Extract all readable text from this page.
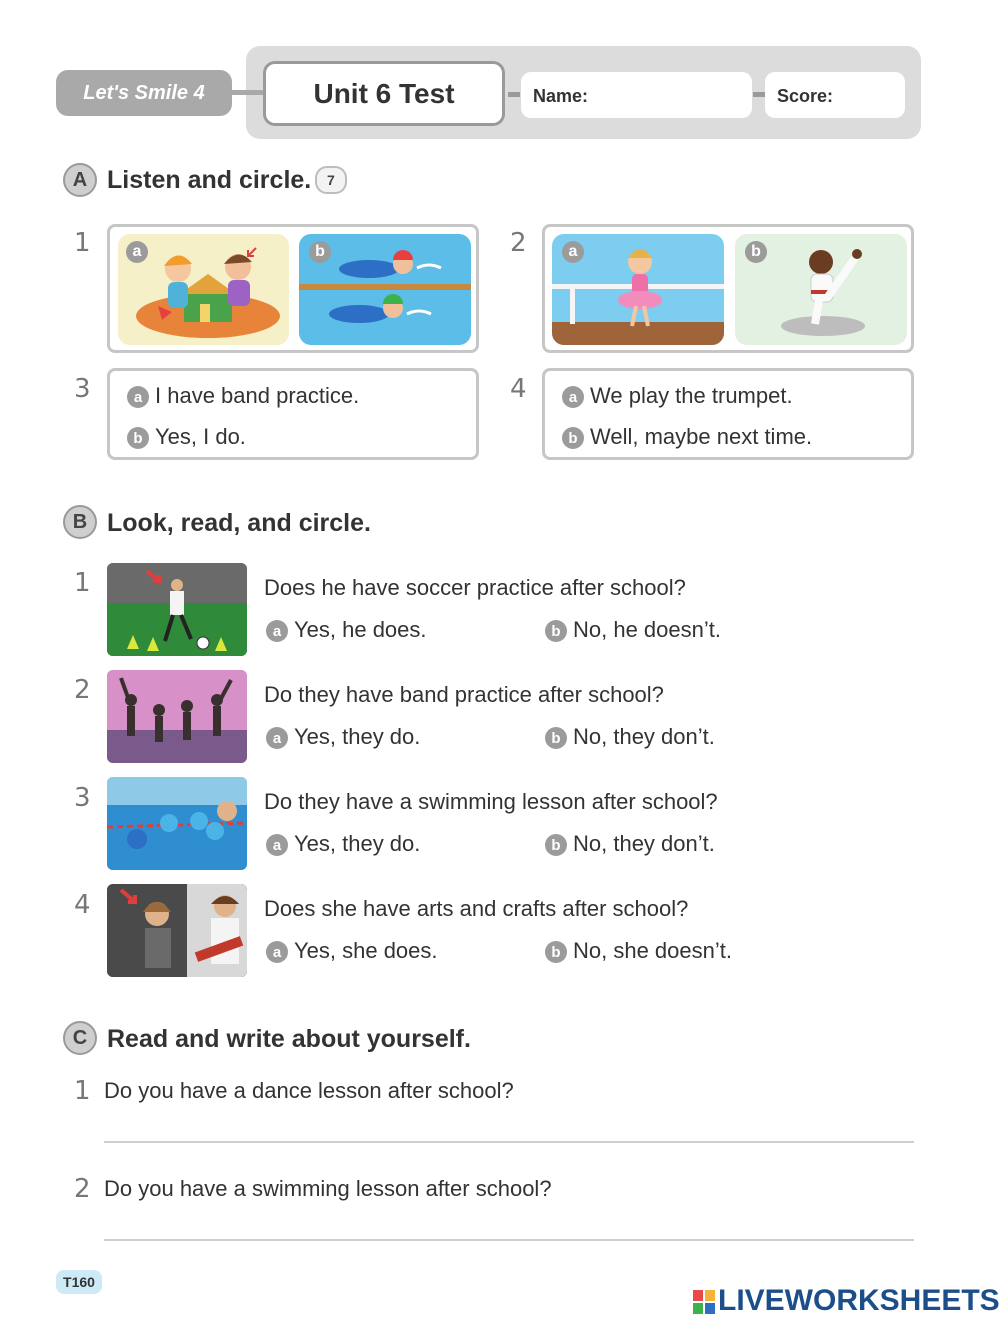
Let's Smile 4	Unit 6 Test	Name:	Score:
A Listen and circle. 7
1	a	b	2	a	b
3	a I have band practice.
b Yes, I do.
4	a We play the trumpet.
b Well, maybe next time.
B Look, read, and circle.
1	Does he have soccer practice after school?
a Yes, he does.	b No, he doesn’t.
2	Do they have band practice after school?
a Yes, they do.	b No, they don’t.
3	Do they have a swimming lesson after school?
a Yes, they do.	b No, they don’t.
4	Does she have arts and crafts after school?
a Yes, she does.	b No, she doesn’t.
C Read and write about yourself.
1 Do you have a dance lesson after school?
2 Do you have a swimming lesson after school?
T160
LIVEWORKSHEETS
